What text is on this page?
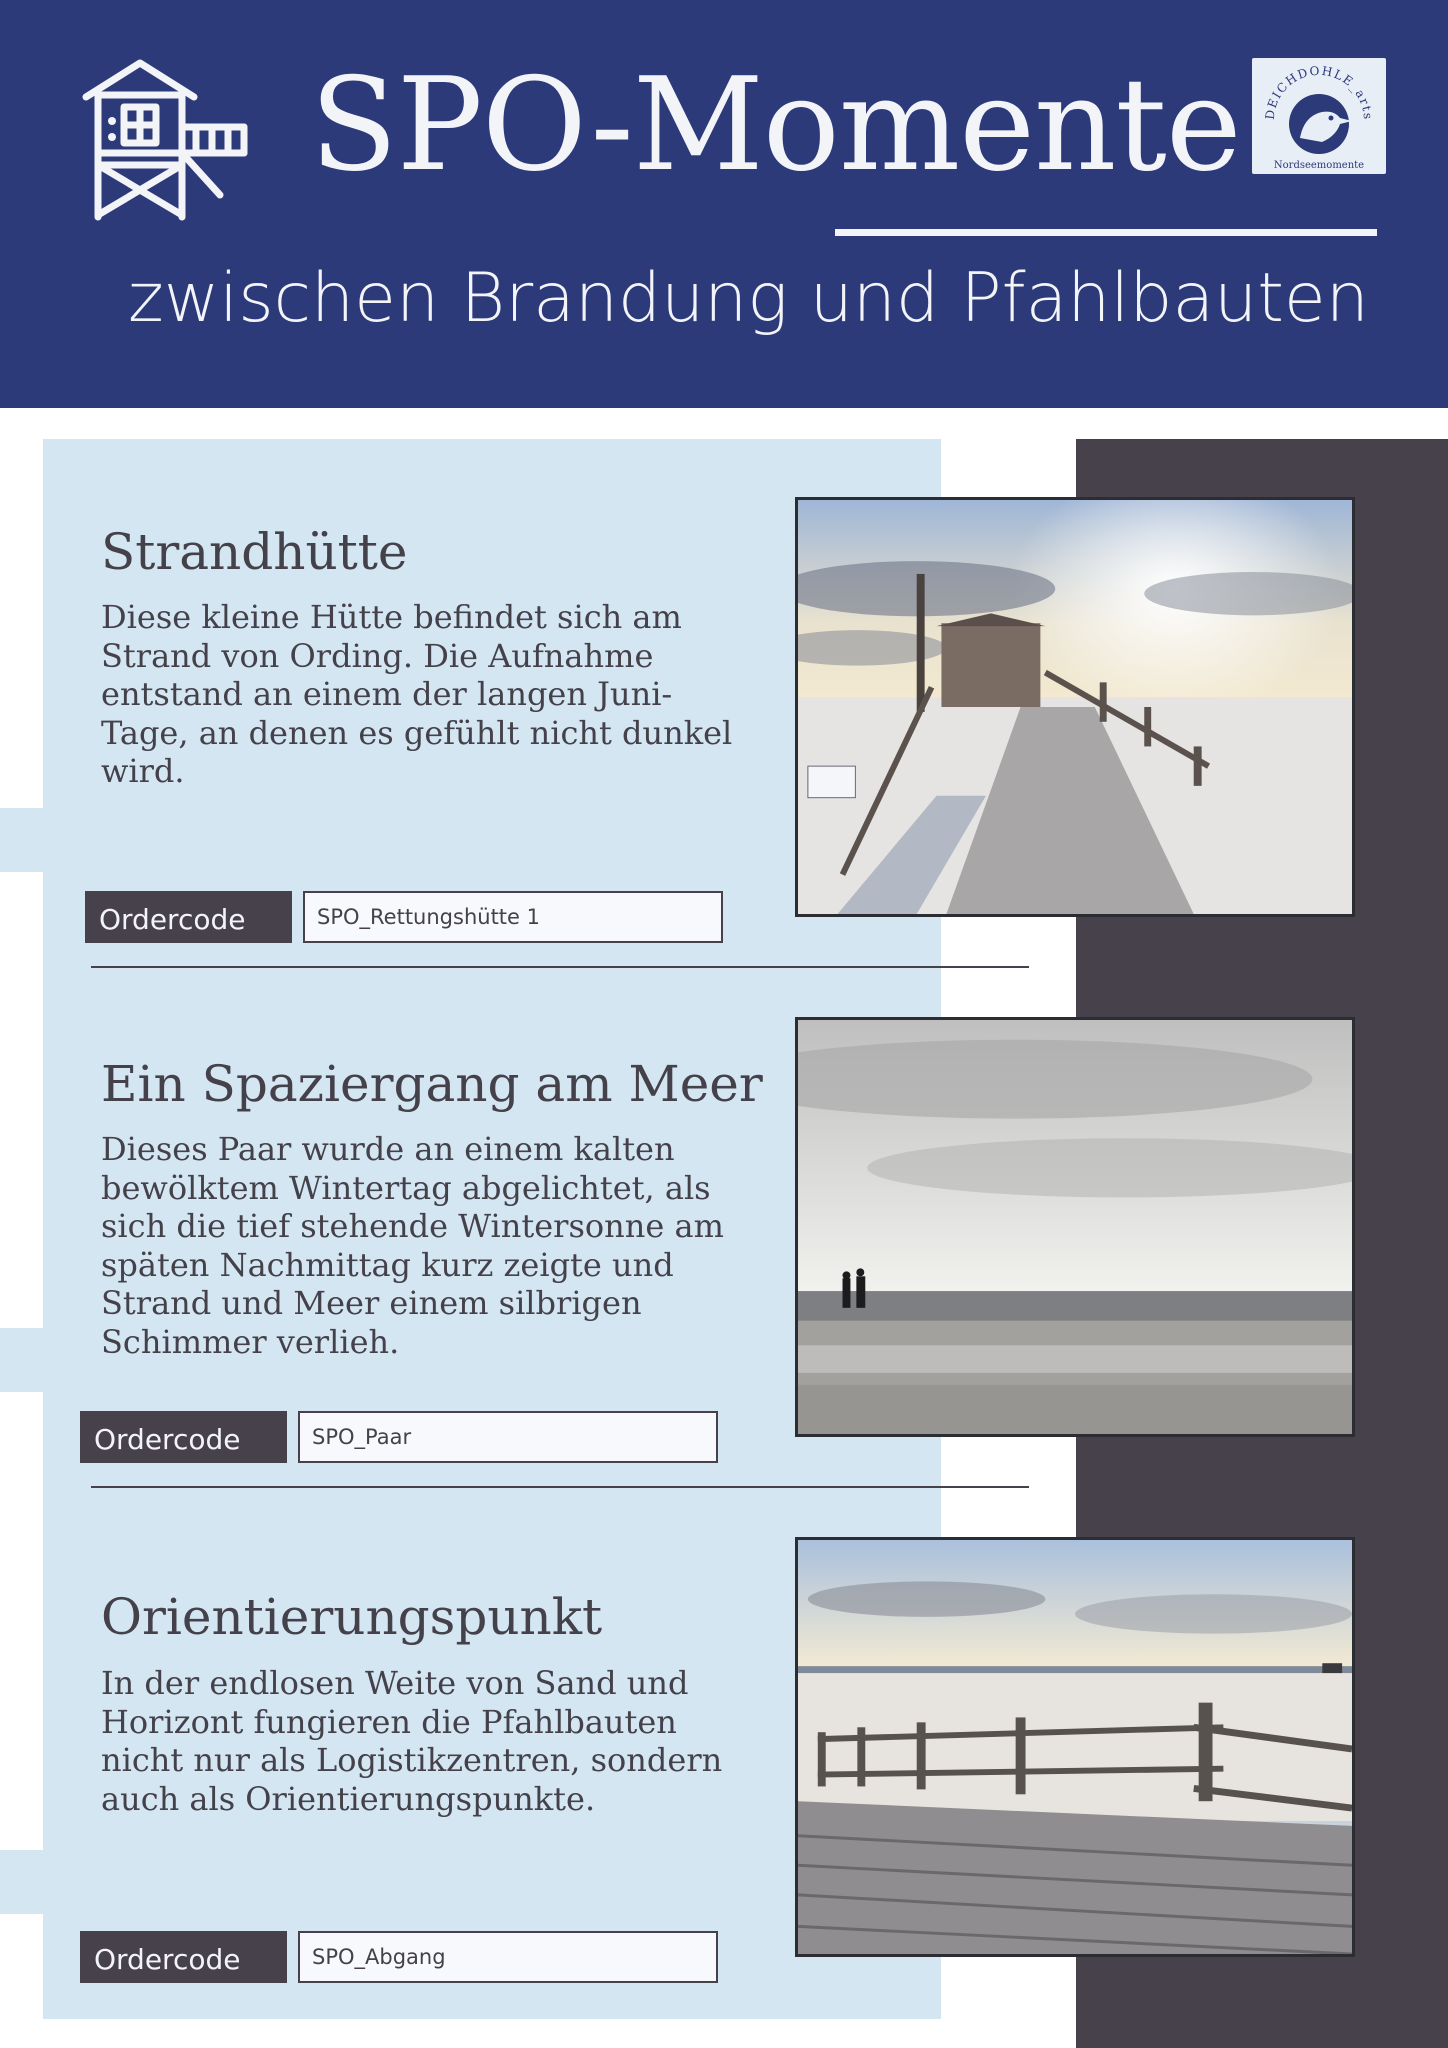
SPO-Momente
zwischen Brandung und Pfahlbauten
DEICHDOHLE_arts
Nordseemomente
Strandhütte
Diese kleine Hütte befindet sich am Strand von Ording. Die Aufnahme entstand an einem der langen Juni-Tage, an denen es gefühlt nicht dunkel wird.
Ordercode	SPO_Rettungshütte 1
Ein Spaziergang am Meer
Dieses Paar wurde an einem kalten bewölktem Wintertag abgelichtet, als sich die tief stehende Wintersonne am späten Nachmittag kurz zeigte und Strand und Meer einem silbrigen Schimmer verlieh.
Ordercode	SPO_Paar
Orientierungspunkt
In der endlosen Weite von Sand und Horizont fungieren die Pfahlbauten nicht nur als Logistikzentren, sondern auch als Orientierungspunkte.
Ordercode	SPO_Abgang
